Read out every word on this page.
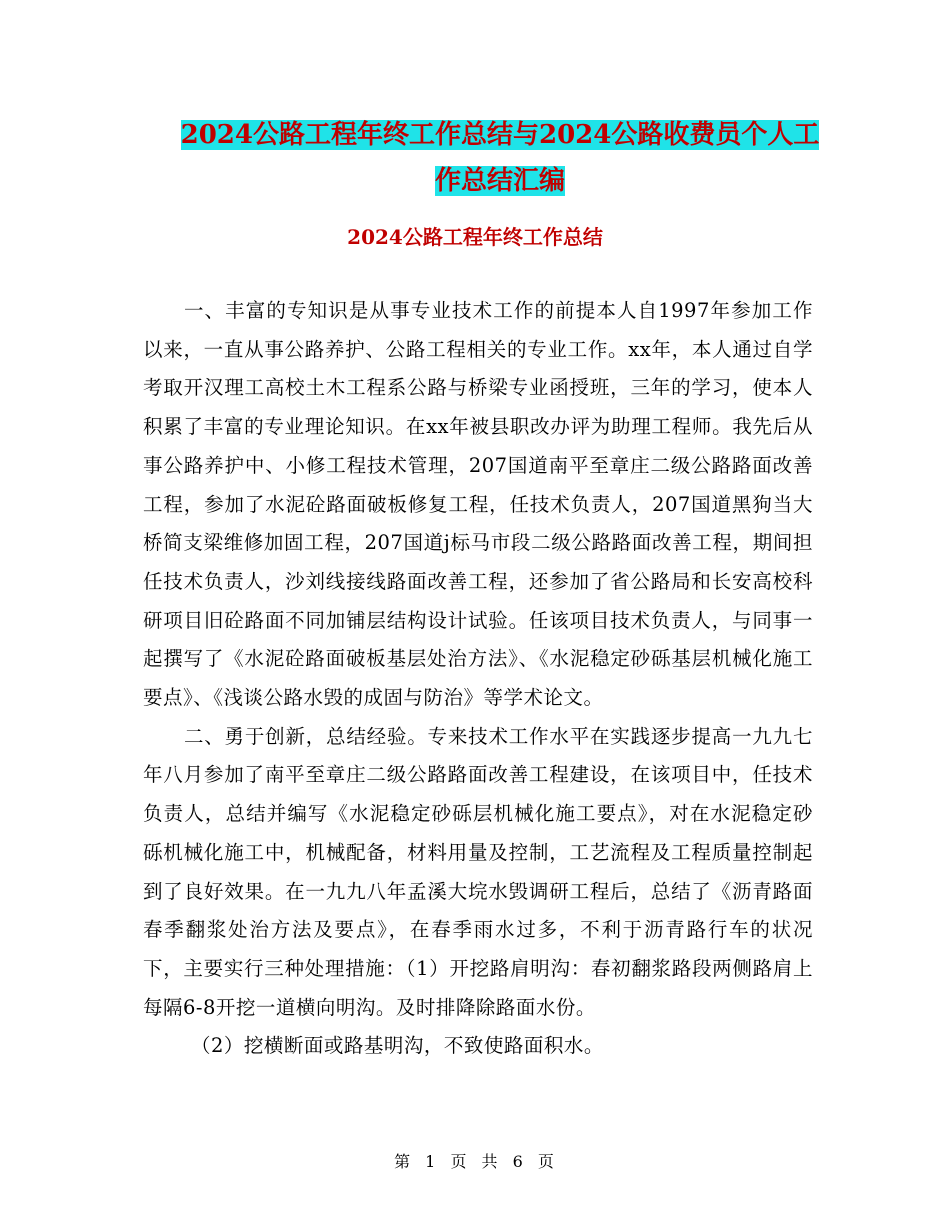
2024公路工程年终工作总结与2024公路收费员个人工
作总结汇编
2024公路工程年终工作总结

一、丰富的专知识是从事专业技术工作的前提本人自1997年参加工作以来，一直从事公路养护、公路工程相关的专业工作。xx年，本人通过自学考取开汉理工高校土木工程系公路与桥梁专业函授班，三年的学习，使本人积累了丰富的专业理论知识。在xx年被县职改办评为助理工程师。我先后从事公路养护中、小修工程技术管理，207国道南平至章庄二级公路路面改善工程，参加了水泥砼路面破板修复工程，任技术负责人，207国道黑狗当大桥简支梁维修加固工程，207国道j标马市段二级公路路面改善工程，期间担任技术负责人，沙刘线接线路面改善工程，还参加了省公路局和长安高校科研项目旧砼路面不同加铺层结构设计试验。任该项目技术负责人，与同事一起撰写了《水泥砼路面破板基层处治方法》、《水泥稳定砂砾基层机械化施工要点》、《浅谈公路水毁的成固与防治》等学术论文。

二、勇于创新，总结经验。专来技术工作水平在实践逐步提高一九九七年八月参加了南平至章庄二级公路路面改善工程建设，在该项目中，任技术负责人，总结并编写《水泥稳定砂砾层机械化施工要点》，对在水泥稳定砂砾机械化施工中，机械配备，材料用量及控制，工艺流程及工程质量控制起到了良好效果。在一九九八年孟溪大垸水毁调研工程后，总结了《沥青路面春季翻浆处治方法及要点》，在春季雨水过多，不利于沥青路行车的状况下，主要实行三种处理措施：（1）开挖路肩明沟：春初翻浆路段两侧路肩上每隔6-8开挖一道横向明沟。及时排降除路面水份。

（2）挖横断面或路基明沟，不致使路面积水。

第 1 页 共 6 页
